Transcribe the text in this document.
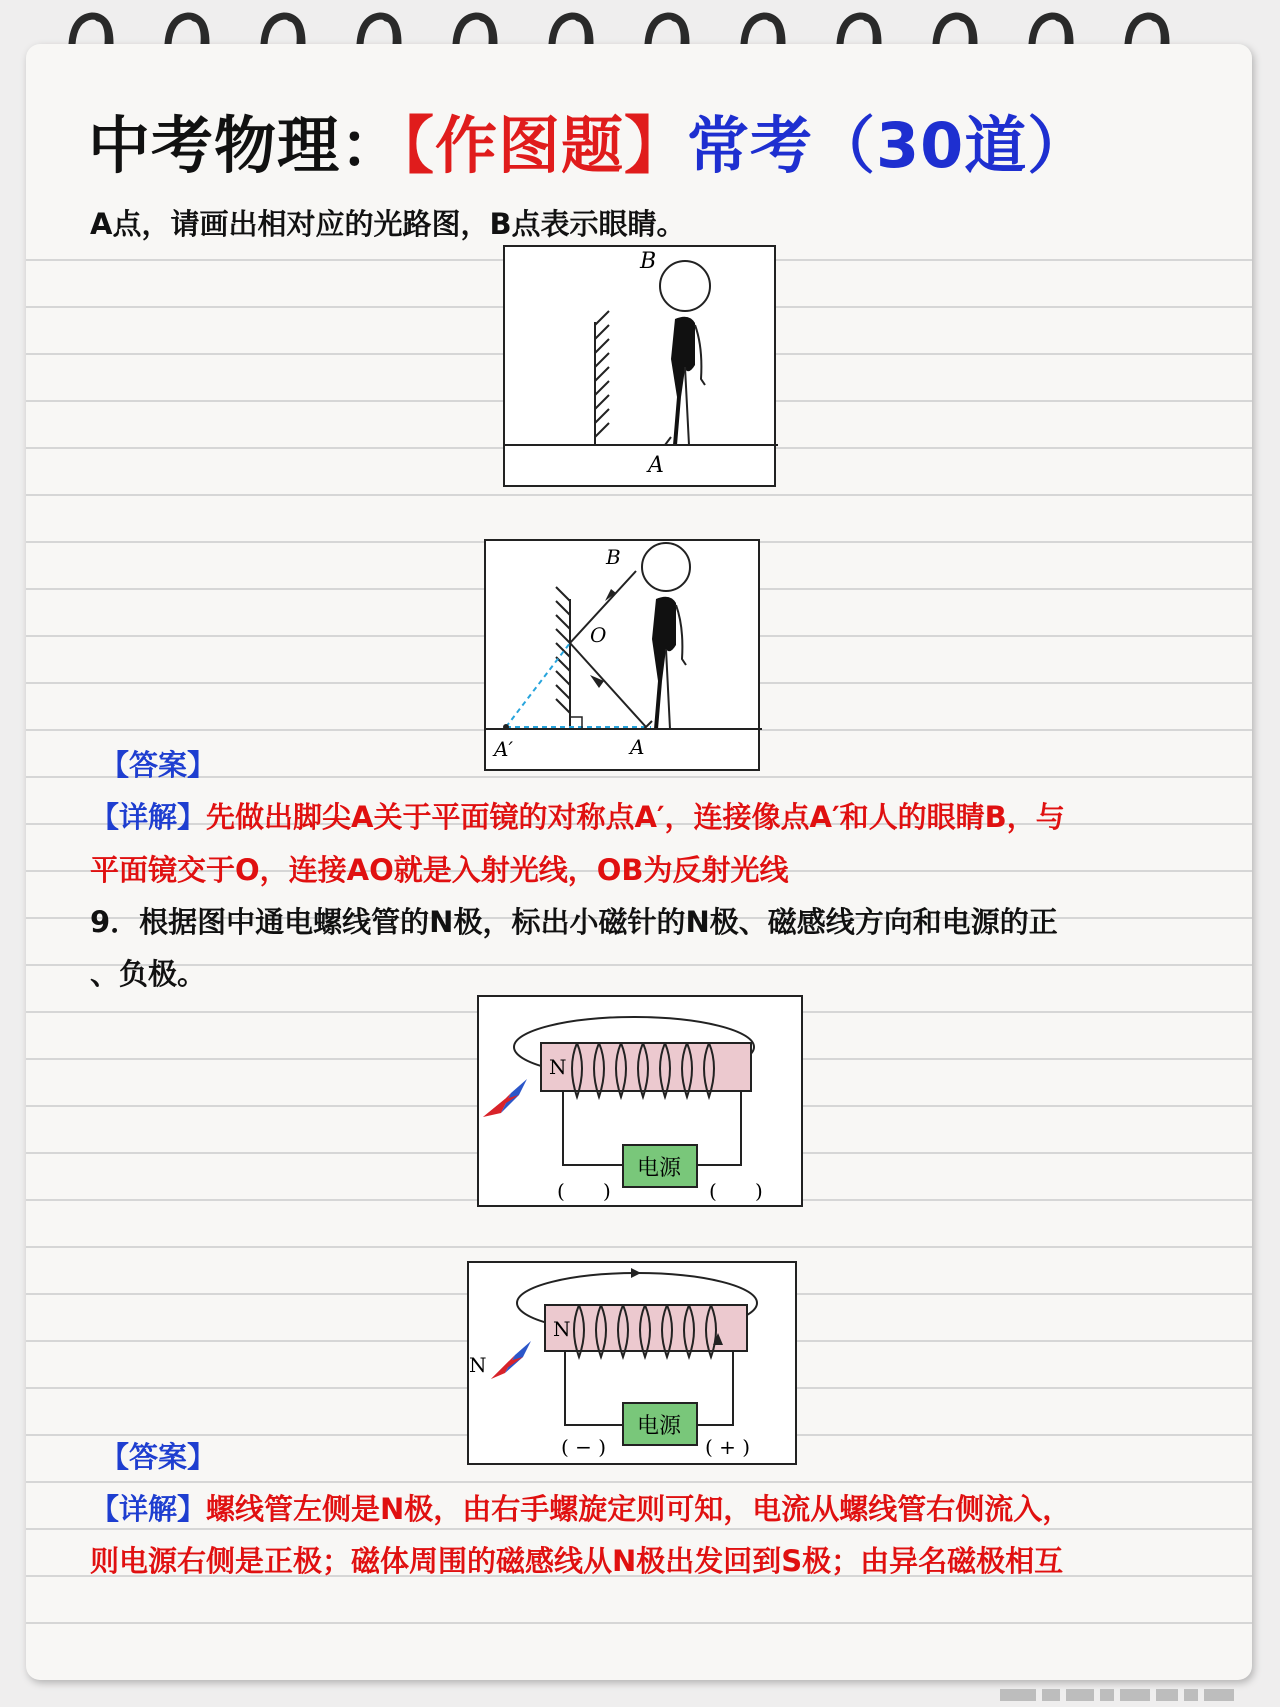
中考物理：【作图题】常考（30道）
A点，请画出相对应的光路图，B点表示眼睛。
B
A
B
O
A′	A
【答案】
【详解】先做出脚尖A关于平面镜的对称点A′，连接像点A′和人的眼睛B，与
平面镜交于O，连接AO就是入射光线，OB为反射光线
9．根据图中通电螺线管的N极，标出小磁针的N极、磁感线方向和电源的正
、负极。
N
电源
(      )	(      )
N
N
电源
( − )	( + )
【答案】
【详解】螺线管左侧是N极，由右手螺旋定则可知，电流从螺线管右侧流入，
则电源右侧是正极；磁体周围的磁感线从N极出发回到S极；由异名磁极相互
